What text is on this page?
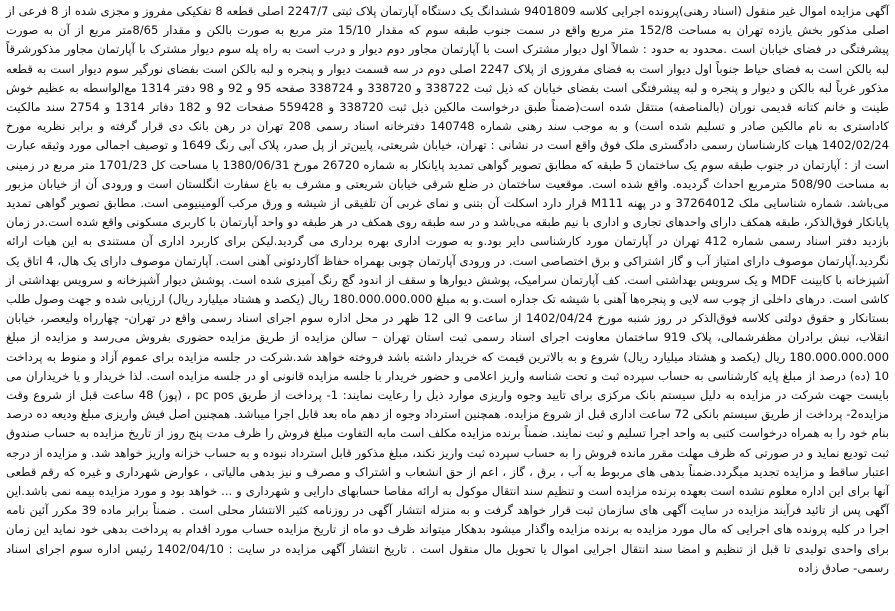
آگهی مزایده اموال غیر منقول (اسناد رهنی)پرونده اجرایی کلاسه 9401809 ششدانگ یک دستگاه آپارتمان پلاک ثبتی 2247/7 اصلی قطعه 8 تفکیکی مفروز و مجزی شده از 8 فرعی از اصلی مذکور بخش یازده تهران به مساحت 152/8 متر مربع واقع در سمت جنوب طبقه سوم که مقدار 15/10 متر مربع به صورت بالکن و مقدار 8/65متر مربع از آن به صورت پیشرفتگی در فضای خیابان است .محدود به حدود : شمالاً اول دیوار مشترک است با آپارتمان مجاور دوم دیوار و درب است به راه پله سوم دیوار مشترک با آپارتمان مجاور مذکورشرقاً لبه بالکن است به فضای حیاط جنوباً اول دیوار است به فضای مفروزی از پلاک 2247 اصلی دوم در سه قسمت دیوار و پنجره و لبه بالکن است بفضای نورگیر سوم دیوار است به قطعه مذکور غرباً لبه بالکن و دیوار و پنجره و لبه پیشرفتگی است بفضای خیابان که ذیل ثبت 338722 و 338720 و 338724 صفحه 95 و 92 و 98 دفتر 1314 مع‌الواسطه به عظیم خوش طینت و خانم کتانه قدیمی نوران (بالمناصفه) منتقل شده است(ضمناً طبق درخواست مالکین ذیل ثبت 338720 و 559428 صفحات 92 و 182 دفاتر 1314 و 2754 سند مالکیت کاداستری به نام مالکین صادر و تسلیم شده است) و به موجب سند رهنی شماره 140748 دفترخانه اسناد رسمی 208 تهران در رهن بانک دی قرار گرفته و برابر نظریه مورخ 1402/02/24 هیات کارشناسان رسمی دادگستری ملک فوق واقع است در نشانی : تهران، خیابان شریعتی، پایین‌تر از پل صدر، پلاک آبی رنگ 1649 و توصیف اجمالی مورد وثیقه عبارت است از : آپارتمان در جنوب طبقه سوم یک ساختمان 5 طبقه که مطابق تصویر گواهی تمدید پایانکار به شماره 26720 مورخ 1380/06/31 با مساحت کل 1701/23 متر مربع در زمینی به مساحت 508/90 مترمربع احداث گردیده. واقع شده است. موقعیت ساختمان در ضلع شرقی خیابان شریعتی و مشرف به باغ سفارت انگلستان است و ورودی آن از خیابان مزبور می‌باشد. شماره شناسایی ملک 37264012 و در پهنه M111 قرار دارد اسکلت آن بتنی و نمای غربی آن تلفیقی از شیشه و ورق مرکب آلومینیومی است. مطابق تصویر گواهی تمدید پایانکار فوق‌الذکر، طبقه همکف دارای واحدهای تجاری و اداری با نیم طبقه می‌باشد و در سه طبقه روی همکف در هر طبقه دو واحد آپارتمان با کاربری مسکونی واقع شده است.در زمان بازدید دفتر اسناد رسمی شماره 412 تهران در آپارتمان مورد کارشناسی دایر بود.و به صورت اداری بهره برداری می گردید.لیکن برای کاربرد اداری آن مستندی به این هیات ارائه نگردید.آپارتمان موصوف دارای امتیاز آب و گاز اشتراکی و برق اختصاصی است. در ورودی آپارتمان چوبی بهمراه حفاظ آکاردئونی آهنی است. آپارتمان موصوف دارای یک هال، 4 اتاق یک آشپزخانه با کابینت MDF و یک سرویس بهداشتی است. کف آپارتمان سرامیک، پوشش دیوارها و سقف از اندود گچ رنگ آمیزی شده است. پوشش دیوار آشپزخانه و سرویس بهداشتی از کاشی است. درهای داخلی از چوب سه لایی و پنجره‌ها آهنی با شیشه تک جداره است.و به مبلغ 180.000.000.000 ریال (یکصد و هشتاد میلیارد ریال) ارزیابی شده و جهت وصول طلب بستانکار و حقوق دولتی کلاسه فوق‌الذکر در روز شنبه مورخ 1402/04/24 از ساعت 9 الی 12 ظهر در محل اداره سوم اجرای اسناد رسمی واقع در تهران- چهارراه ولیعصر، خیابان انقلاب، نبش برادران مظفرشمالی، پلاک 919 ساختمان معاونت اجرای اسناد رسمی ثبت استان تهران – سالن مزایده از طریق مزایده حضوری بفروش می‌رسد و مزایده از مبلغ 180.000.000.000 ریال (یکصد و هشتاد میلیارد ریال) شروع و به بالاترین قیمت که خریدار داشته باشد فروخته خواهد شد.شرکت در جلسه مزایده برای عموم آزاد و منوط به پرداخت 10 (ده) درصد از مبلغ پایه کارشناسی به حساب سپرده ثبت و تحت شناسه واریز اعلامی و حضور خریدار با جلسه مزایده قانونی او در جلسه مزایده است. لذا خریدار و یا خریداران می بایست جهت شرکت در مزایده به دلیل سیستم بانک مرکزی برای تایید وجوه واریزی موارد ذیل را رعایت نمایند: 1- پرداخت از طریق pc pos ، (پوز) 48 ساعت قبل از شروع وقت مزایده2- پرداخت از طریق سیستم بانکی 72 ساعت اداری قبل از شروع مزایده. همچنین استرداد وجوه از دهم ماه بعد قابل اجرا میباشد. همچنین اصل فیش واریزی مبلغ ودیعه ده درصد بنام خود را به همراه درخواست کتبی به واحد اجرا تسلیم و ثبت نمایند. ضمناً برنده مزایده مکلف است مابه التفاوت مبلغ فروش را ظرف مدت پنج روز از تاریخ مزایده به حساب صندوق ثبت تودیع نماید و در صورتی که ظرف مهلت مقرر مانده فروش را به حساب سپرده ثبت واریز نکند، مبلغ مذکور قابل استرداد نبوده و به حساب خزانه واریز خواهد شد. و مزایده از درجه اعتبار ساقط و مزایده تجدید میگردد.ضمناً بدهی های مربوط به آب ، برق ، گاز ، اعم از حق انشعاب و اشتراک و مصرف و نیز بدهی مالیاتی ، عوارض شهرداری و غیره که رقم قطعی آنها برای این اداره معلوم نشده است بعهده برنده مزایده است و تنظیم سند انتقال موکول به ارائه مفاصا حسابهای دارایی و شهرداری و ... خواهد بود و مورد مزایده بیمه نمی باشد.این آگهی پس از تائید فرآیند مزایده در سایت آگهی های سازمان ثبت قرار خواهد گرفت و به منزله انتشار آگهی در روزنامه کثیر الانتشار محلی است . ضمناً برابر ماده 39 مکرر آئین نامه اجرا در کلیه پرونده های اجرایی که مال مورد مزایده به برنده مزایده واگذار میشود بدهکار میتواند ظرف دو ماه از تاریخ مزایده حساب مورد اقدام به پرداخت بدهی خود نماید این زمان برای واحدی تولیدی تا قبل از تنظیم و امضا سند انتقال اجرایی اموال یا تحویل مال منقول است . تاریخ انتشار آگهی مزایده در سایت : 1402/04/10 رئیس اداره سوم اجرای اسناد رسمی- صادق زاده
